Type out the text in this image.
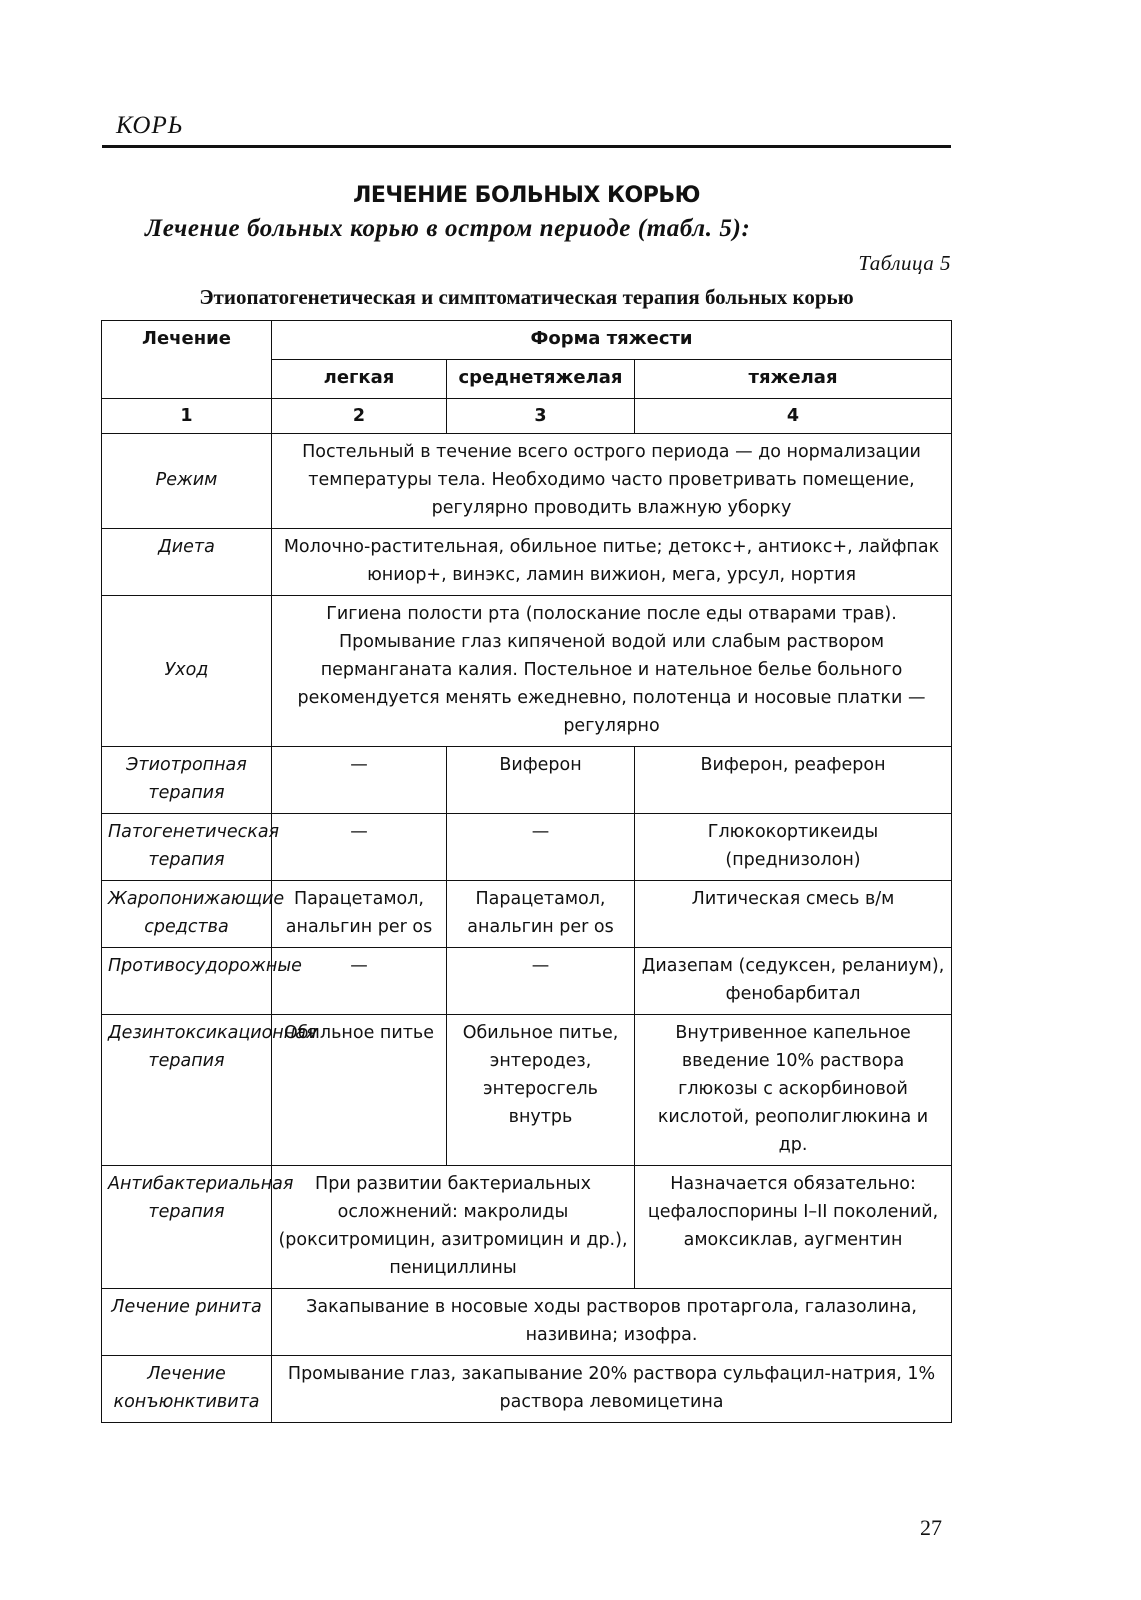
КОРЬ
ЛЕЧЕНИЕ БОЛЬНЫХ КОРЬЮ
Лечение больных корью в остром периоде (табл. 5):
Таблица 5
Этиопатогенетическая и симптоматическая терапия больных корью
Лечение	Форма тяжести		
	легкая	среднетяжелая	тяжелая
1	2	3	4
Режим	Постельный в течение всего острого периода — до нормализации температуры тела. Необходимо часто проветривать помещение, регулярно проводить влажную уборку		
Диета	Молочно-растительная, обильное питье; детокс+, антиокс+, лайфпак юниор+, винэкс, ламин вижион, мега, урсул, нортия		
Уход	Гигиена полости рта (полоскание после еды отварами трав). Промывание глаз кипяченой водой или слабым раствором перманганата калия. Постельное и нательное белье больного рекомендуется менять ежедневно, полотенца и носовые платки — регулярно		
Этиотропная терапия	—	Виферон	Виферон, реаферон
Патогенетическая терапия	—	—	Глюкокортикеиды (преднизолон)
Жаропонижающие средства	Парацетамол, анальгин per os	Парацетамол, анальгин per os	Литическая смесь в/м
Противосудорожные	—	—	Диазепам (седуксен, реланиум), фенобарбитал
Дезинтоксикационная терапия	Обильное питье	Обильное питье, энтеродез, энтеросгель внутрь	Внутривенное капельное введение 10% раствора глюкозы с аскорбиновой кислотой, реополиглюкина и др.
Антибактериальная терапия	При развитии бактериальных осложнений: макролиды (рокситромицин, азитромицин и др.), пенициллины		Назначается обязательно: цефалоспорины I–II поколений, амоксиклав, аугментин
Лечение ринита	Закапывание в носовые ходы растворов протаргола, галазолина, називина; изофра.		
Лечение конъюнктивита	Промывание глаз, закапывание 20% раствора сульфацил-натрия, 1% раствора левомицетина		
27
